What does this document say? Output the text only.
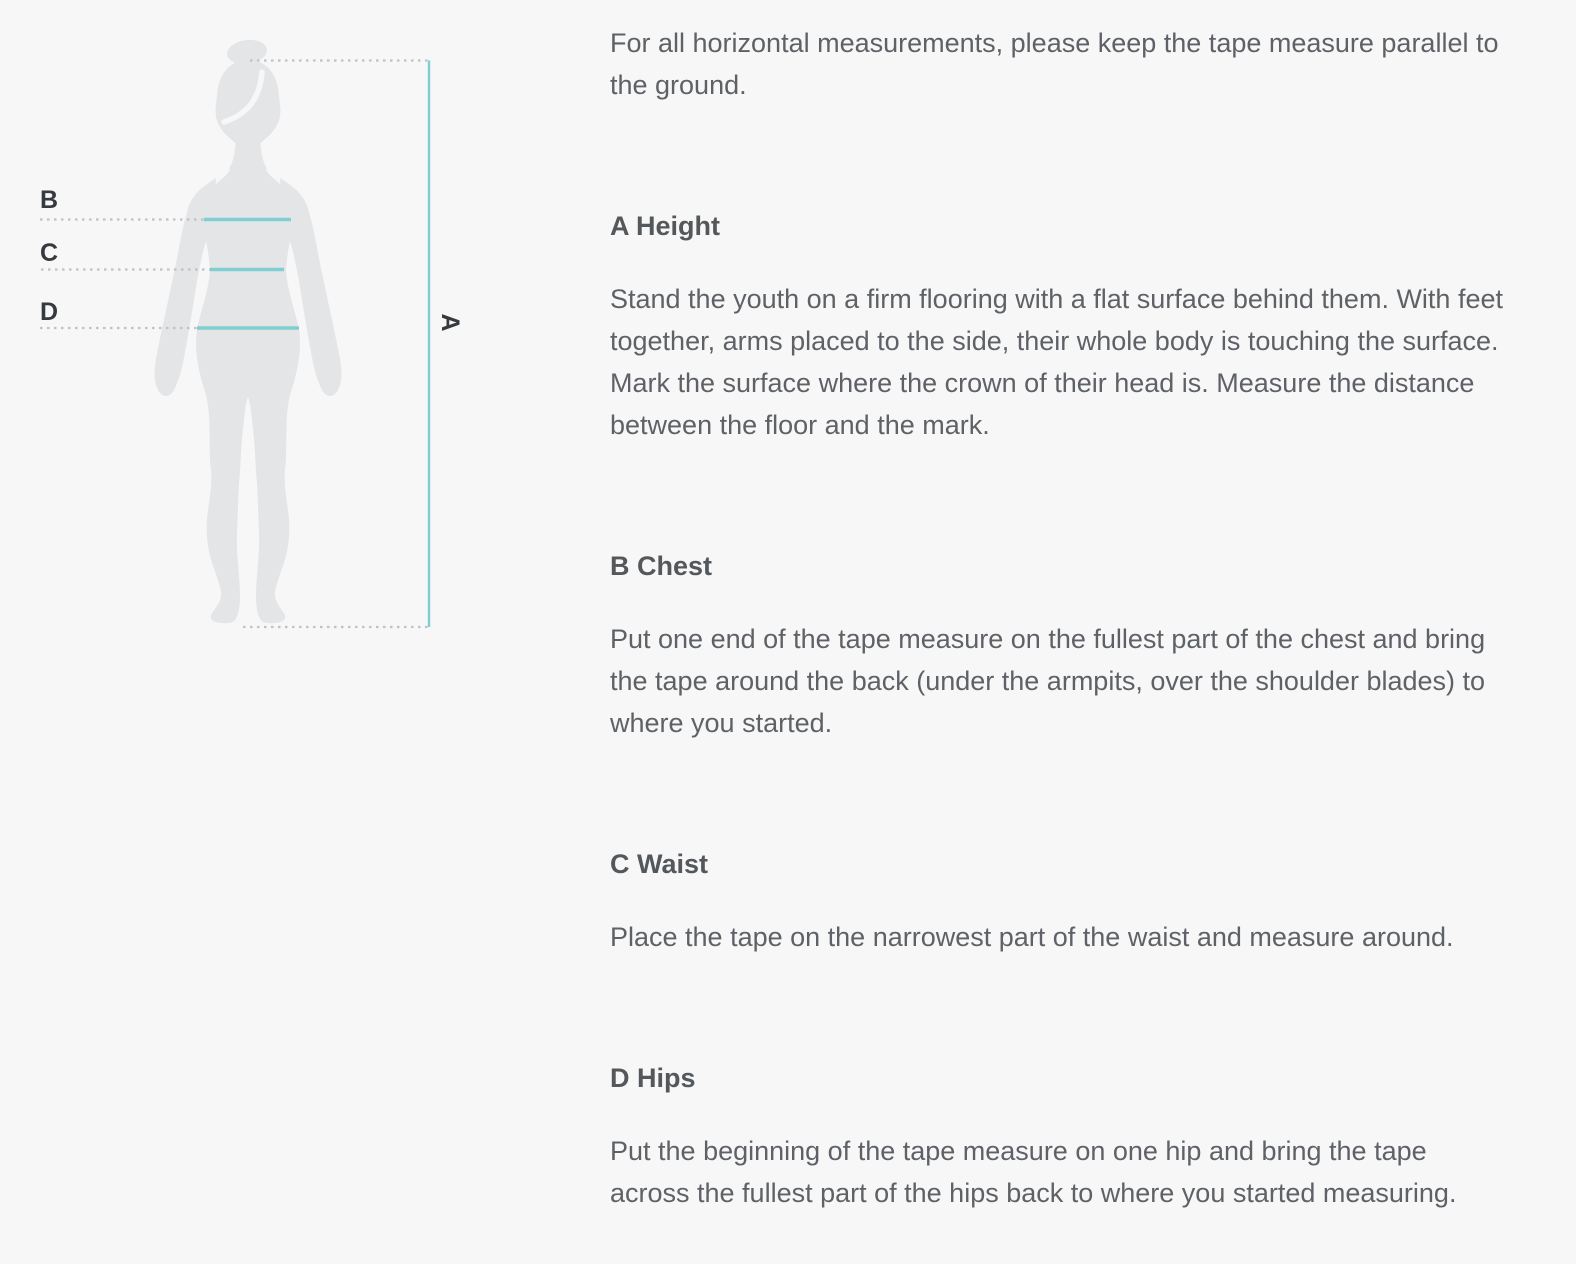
B
C
D	A

For all horizontal measurements, please keep the tape measure parallel to the ground.

A Height

Stand the youth on a firm flooring with a flat surface behind them. With feet together, arms placed to the side, their whole body is touching the surface. Mark the surface where the crown of their head is. Measure the distance between the floor and the mark.

B Chest

Put one end of the tape measure on the fullest part of the chest and bring the tape around the back (under the armpits, over the shoulder blades) to where you started.

C Waist

Place the tape on the narrowest part of the waist and measure around.

D Hips

Put the beginning of the tape measure on one hip and bring the tape across the fullest part of the hips back to where you started measuring.
